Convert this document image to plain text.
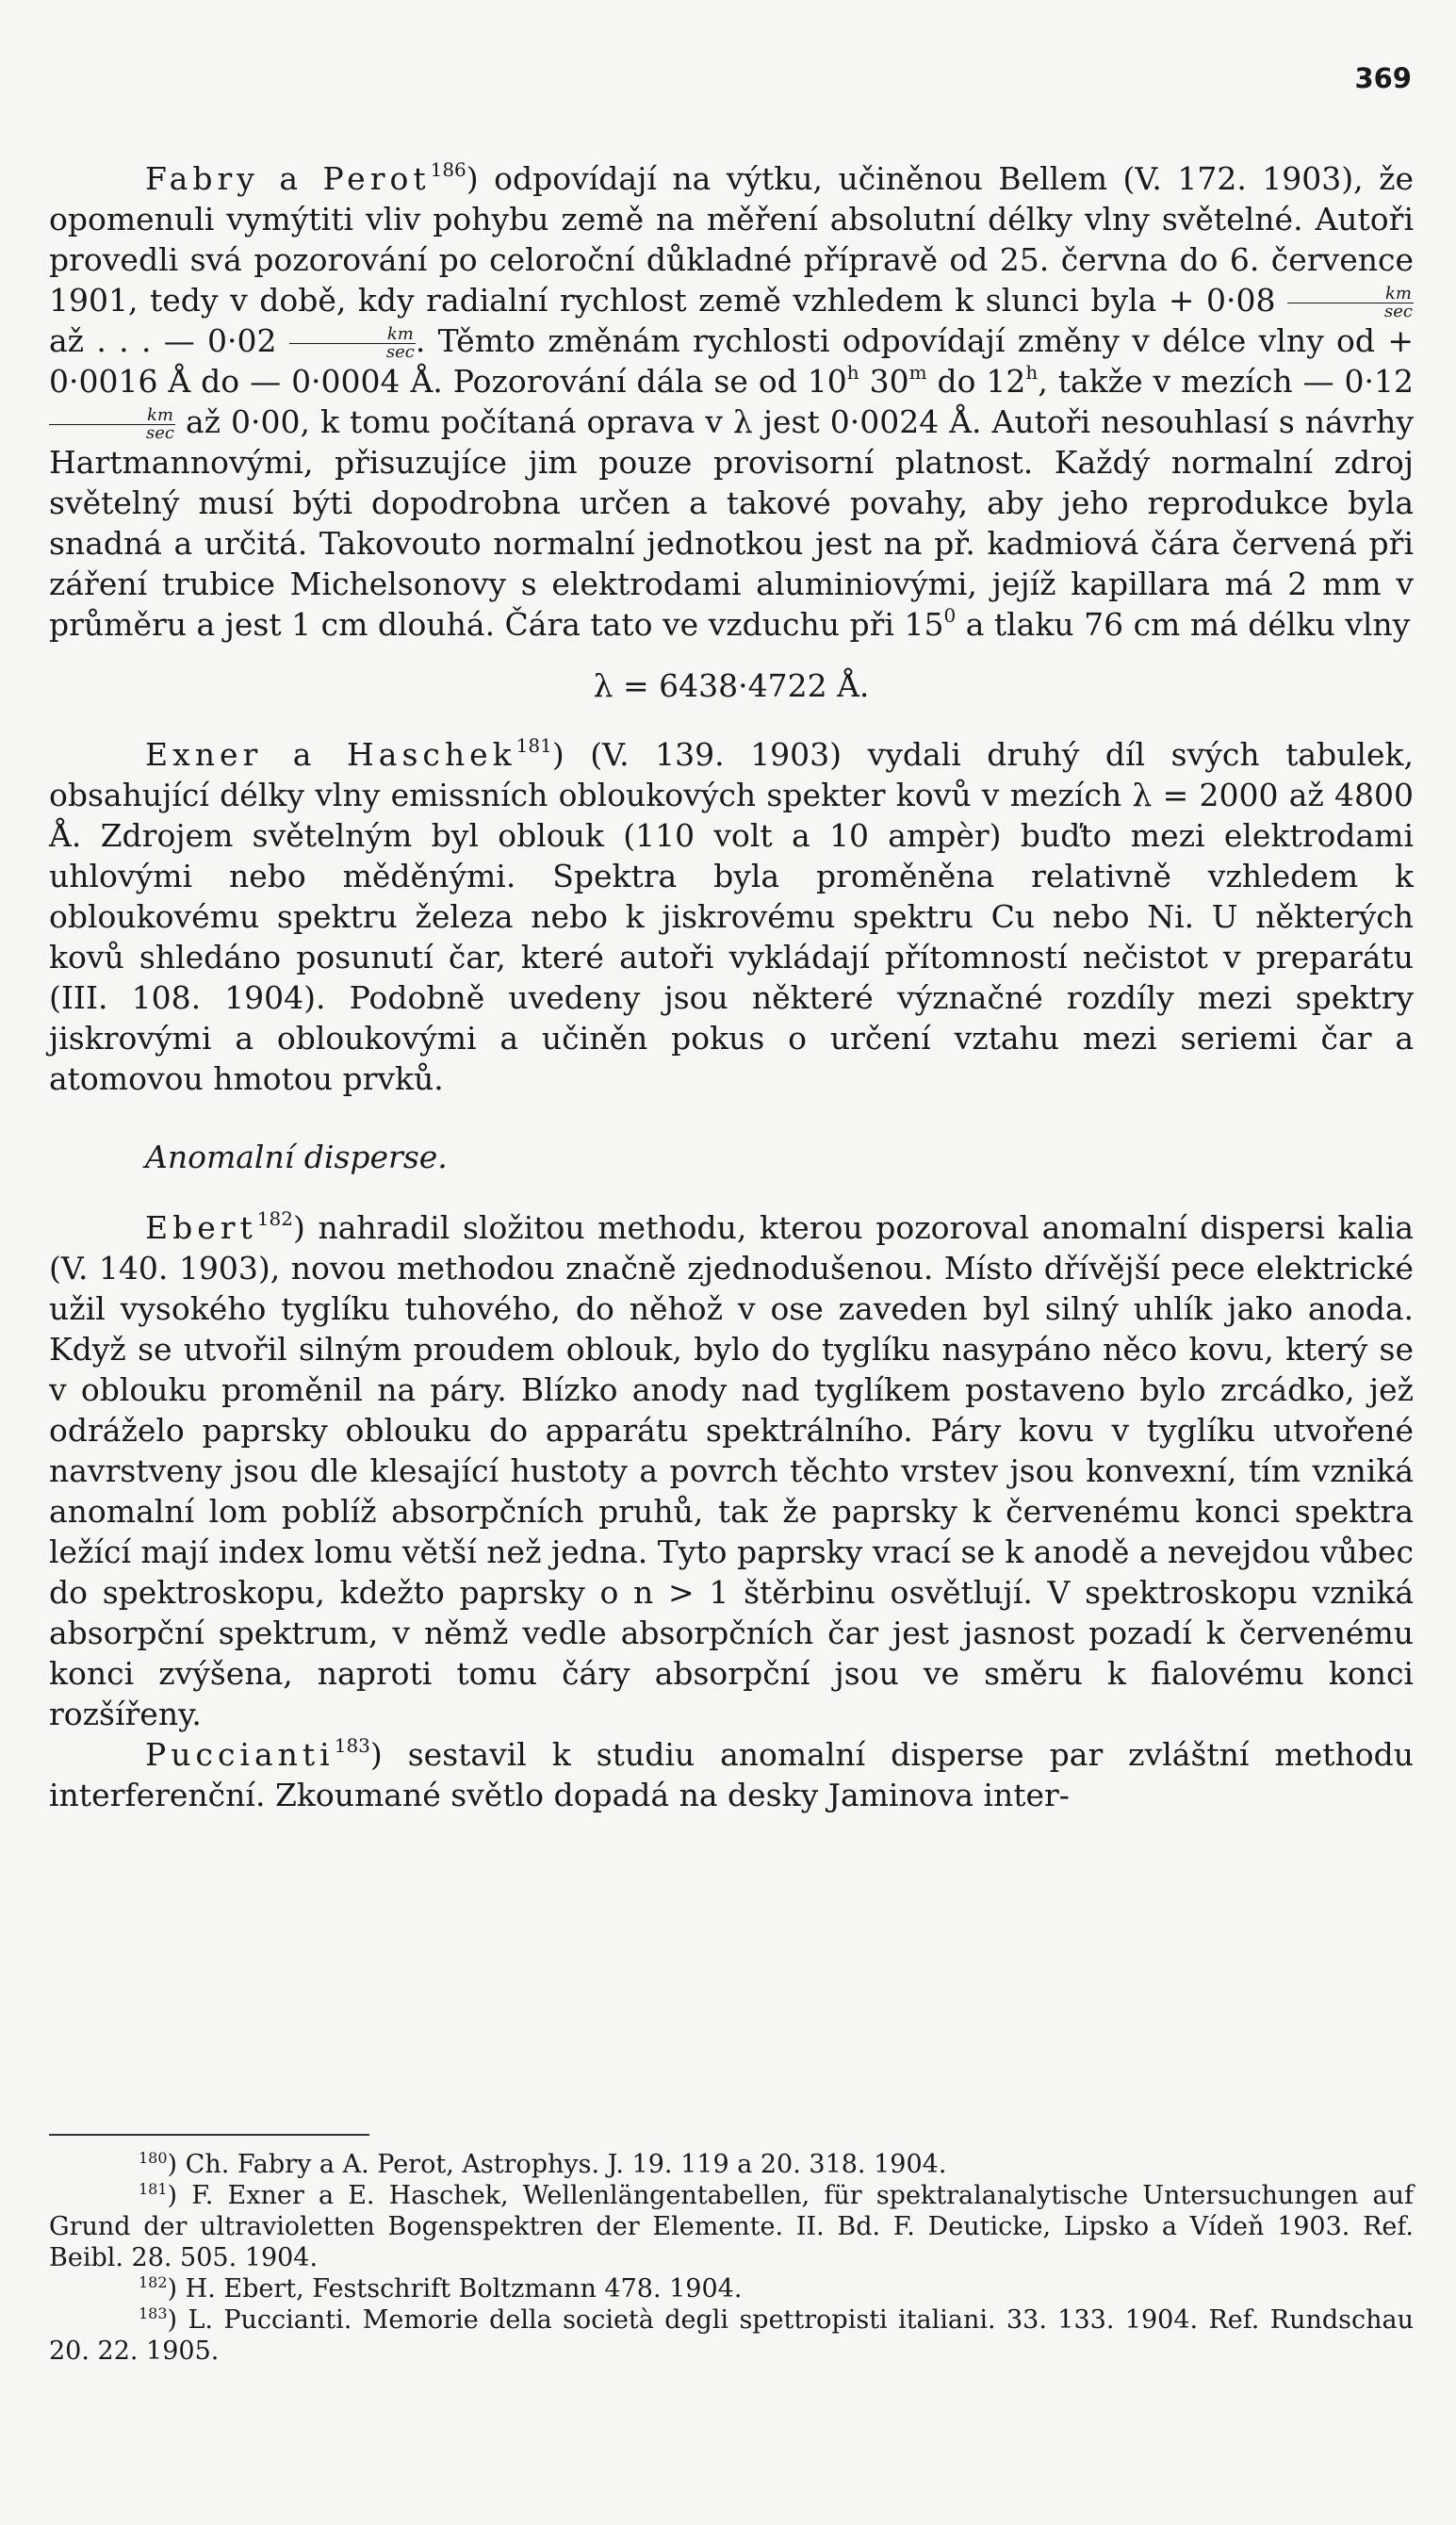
369

Fabry a Perot$^{186}$) odpovídají na výtku, učiněnou Bellem (V. 172. 1903), že opomenuli vymýtiti vliv pohybu země na měření absolutní délky vlny světelné. Autoři provedli svá pozorování po celoroční důkladné přípravě od 25. června do 6. července 1901, tedy v době, kdy radialní rychlost země vzhledem k slunci byla + $0\cdot 08 \frac{km}{\sec}$
až . . . — $0\cdot 02 \frac{km}{\sec}$ . Těmto změnám rychlosti odpovídají změny v délce vlny od + 0·0016 Å do — 0·0004 Å. Pozorování dála se od 10$^h$ 30$^m$ do 12$^h$, takže v mezích — 0·12
$\frac{km}{\sec}$ až 0·00, k tomu počítaná oprava v λ jest 0·0024 Å. Autoři nesouhlasí s návrhy Hartmannovými, přisuzujíce jim pouze provisorní platnost. Každý normalní zdroj světelný musí býti dopodrobna určen a takové povahy, aby jeho reprodukce byla snadná a určitá. Takovouto normalní jednotkou jest na př. kadmiová čára červená při záření trubice Michelsonovy s elektrodami aluminiovými, jejíž kapillara má 2 mm v průměru a jest 1 cm dlouhá. Čára tato ve vzduchu při $15^0$ a tlaku 76 cm má délku vlny

λ = 6438·4722 Å.

Exner a Haschek$^{181}$) (V. 139. 1903) vydali druhý díl svých tabulek, obsahující délky vlny emissních obloukových spekter kovů v mezích λ = 2000 až 4800 Å. Zdrojem světelným byl oblouk (110 volt a 10 ampèr) buďto mezi elektrodami uhlovými nebo měděnými. Spektra byla proměněna relativně vzhledem k obloukovému spektru železa nebo k jiskrovému spektru Cu nebo Ni. U některých kovů shledáno posunutí čar, které autoři vykládají přítomností nečistot v preparátu (III. 108. 1904). Podobně uvedeny jsou některé význačné rozdíly mezi spektry jiskrovými a obloukovými a učiněn pokus o určení vztahu mezi seriemi čar a atomovou hmotou prvků.

Anomalní disperse.

Ebert$^{182}$) nahradil složitou methodu, kterou pozoroval anomalní dispersi kalia (V. 140. 1903), novou methodou značně zjednodušenou. Místo dřívější pece elektrické užil vysokého tyglíku tuhového, do něhož v ose zaveden byl silný uhlík jako anoda. Když se utvořil silným proudem oblouk, bylo do tyglíku nasypáno něco kovu, který se v oblouku proměnil na páry. Blízko anody nad tyglíkem postaveno bylo zrcádko, jež odráželo paprsky oblouku do apparátu spektrálního. Páry kovu v tyglíku utvořené navrstveny jsou dle klesající hustoty a povrch těchto vrstev jsou konvexní, tím vzniká anomalní lom poblíž absorpčních pruhů, tak že paprsky k červenému konci spektra ležící mají index lomu větší než jedna. Tyto paprsky vrací se k anodě a nevejdou vůbec do spektroskopu, kdežto paprsky o n > 1 štěrbinu osvětlují. V spektroskopu vzniká absorpční spektrum, v němž vedle absorpčních čar jest jasnost pozadí k červenému konci zvýšena, naproti tomu čáry absorpční jsou ve směru k fialovému konci rozšířeny.

Puccianti$^{183}$) sestavil k studiu anomalní disperse par zvláštní methodu interferenční. Zkoumané světlo dopadá na desky Jaminova inter-

$^{180}$) Ch. Fabry a A. Perot, Astrophys. J. 19. 119 a 20. 318. 1904.

$^{181}$) F. Exner a E. Haschek, Wellenlängentabellen, für spektralanalytische Untersuchungen auf Grund der ultravioletten Bogenspektren der Elemente. II. Bd. F. Deuticke, Lipsko a Vídeň 1903. Ref. Beibl. 28. 505. 1904.

$^{182}$) H. Ebert, Festschrift Boltzmann 478. 1904.

$^{183}$) L. Puccianti. Memorie della società degli spettropisti italiani. 33. 133. 1904. Ref. Rundschau 20. 22. 1905.
